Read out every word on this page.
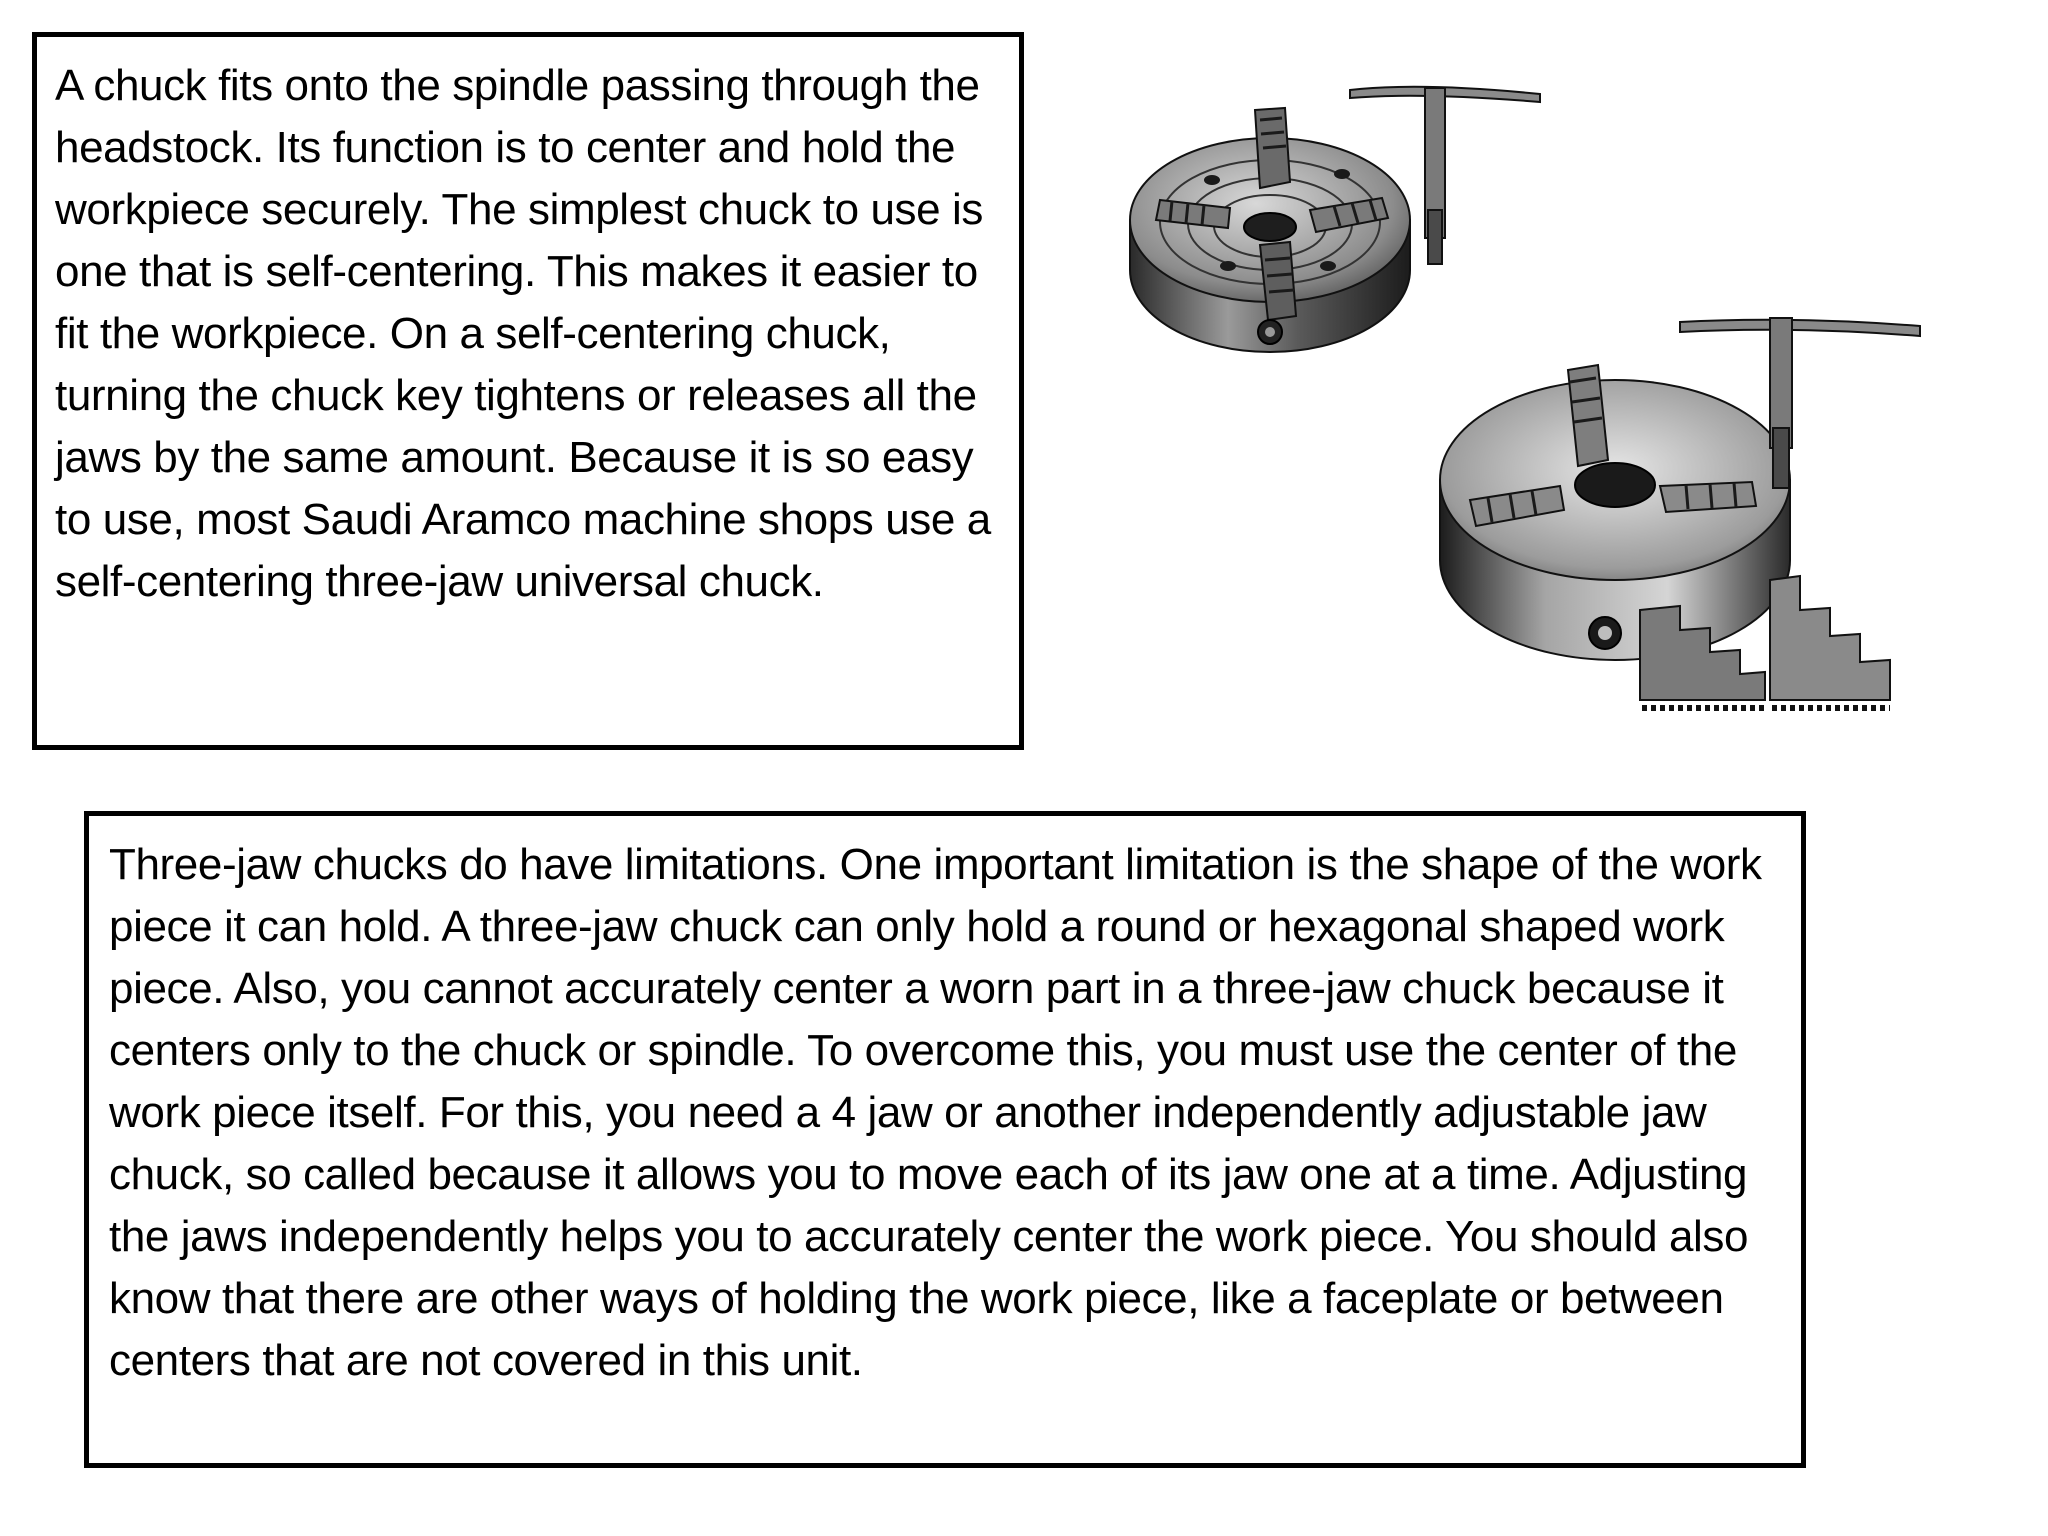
A chuck fits onto the spindle passing through the headstock. Its function is to center and hold the workpiece securely. The simplest chuck to use is one that is self-centering. This makes it easier to fit the workpiece. On a self-centering chuck, turning the chuck key tightens or releases all the jaws by the same amount. Because it is so easy to use, most Saudi Aramco machine shops use a self-centering three-jaw universal chuck.

Three-jaw chucks do have limitations. One important limitation is the shape of the work piece it can hold. A three-jaw chuck can only hold a round or hexagonal shaped work piece. Also, you cannot accurately center a worn part in a three-jaw chuck because it centers only to the chuck or spindle. To overcome this, you must use the center of the work piece itself. For this, you need a 4 jaw or another independently adjustable jaw chuck, so called because it allows you to move each of its jaw one at a time. Adjusting the jaws independently helps you to accurately center the work piece. You should also know that there are other ways of holding the work piece, like a faceplate or between centers that are not covered in this unit.
